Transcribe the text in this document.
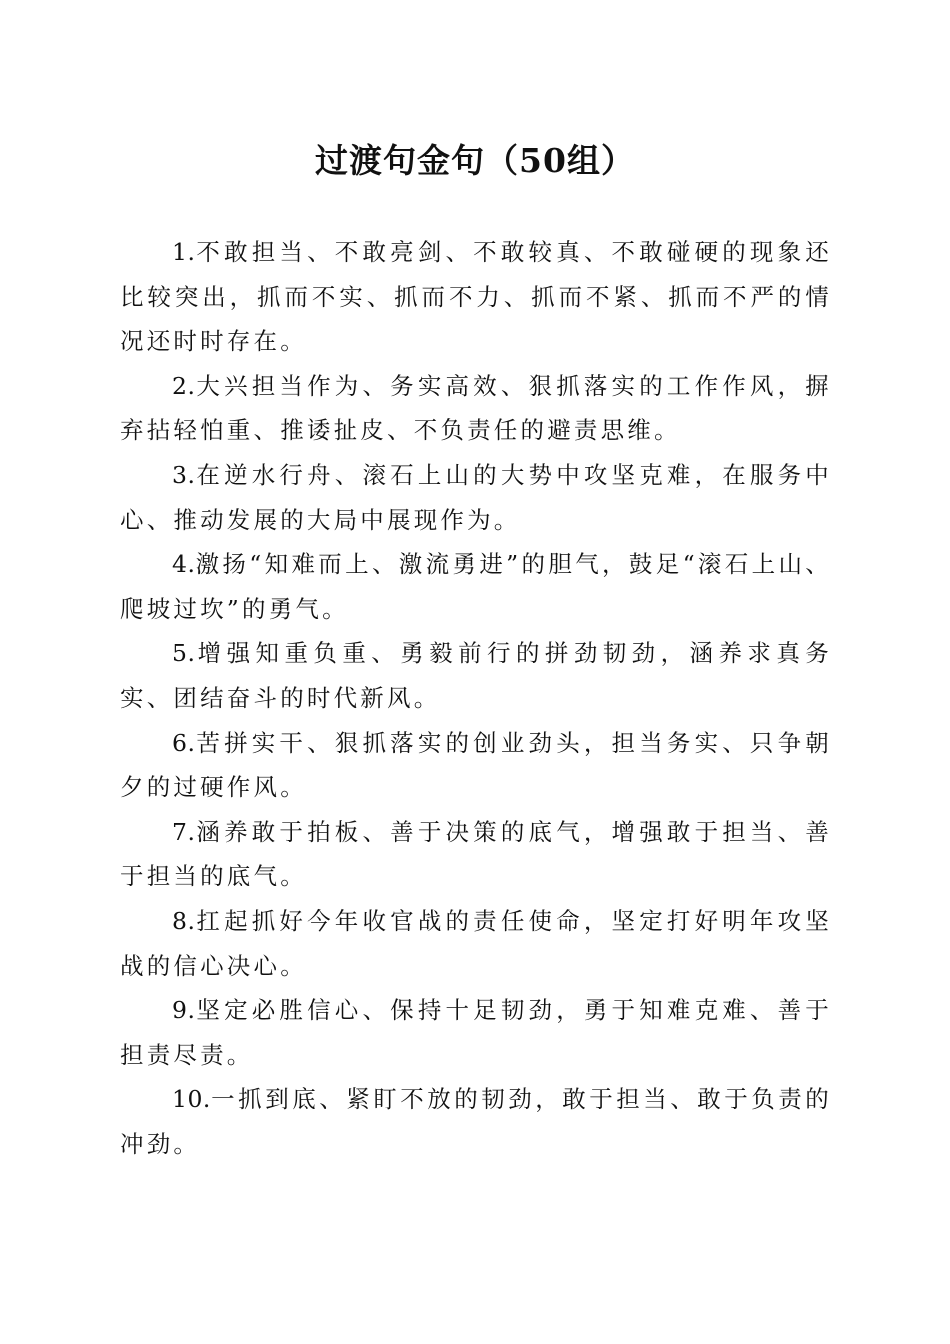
过渡句金句（50组）

1.不敢担当、不敢亮剑、不敢较真、不敢碰硬的现象还比较突出，抓而不实、抓而不力、抓而不紧、抓而不严的情况还时时存在。

2.大兴担当作为、务实高效、狠抓落实的工作作风，摒弃拈轻怕重、推诿扯皮、不负责任的避责思维。

3.在逆水行舟、滚石上山的大势中攻坚克难，在服务中心、推动发展的大局中展现作为。

4.激扬“知难而上、激流勇进”的胆气，鼓足“滚石上山、爬坡过坎”的勇气。

5.增强知重负重、勇毅前行的拼劲韧劲，涵养求真务实、团结奋斗的时代新风。

6.苦拼实干、狠抓落实的创业劲头，担当务实、只争朝夕的过硬作风。

7.涵养敢于拍板、善于决策的底气，增强敢于担当、善于担当的底气。

8.扛起抓好今年收官战的责任使命，坚定打好明年攻坚战的信心决心。

9.坚定必胜信心、保持十足韧劲，勇于知难克难、善于担责尽责。

10.一抓到底、紧盯不放的韧劲，敢于担当、敢于负责的冲劲。
